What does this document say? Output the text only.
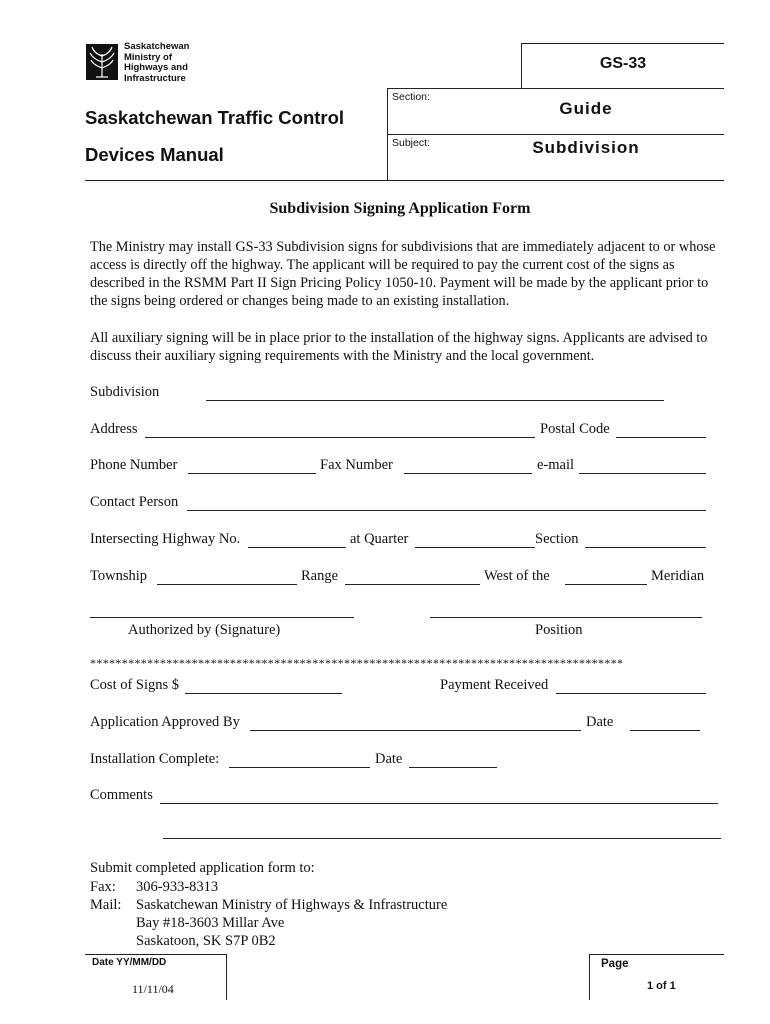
Saskatchewan
Ministry of
Highways and
Infrastructure
GS-33
Saskatchewan Traffic Control
Devices Manual
Section:
Guide
Subject:	Subdivision
Subdivision Signing Application Form
The Ministry may install GS-33 Subdivision signs for subdivisions that are immediately adjacent to or whose access is directly off the highway. The applicant will be required to pay the current cost of the signs as described in the RSMM Part II Sign Pricing Policy 1050-10. Payment will be made by the applicant prior to the signs being ordered or changes being made to an existing installation.
All auxiliary signing will be in place prior to the installation of the highway signs. Applicants are advised to discuss their auxiliary signing requirements with the Ministry and the local government.
Subdivision
Address	Postal Code
Phone Number	Fax Number	e-mail
Contact Person
Intersecting Highway No.	at Quarter	Section
Township	Range	West of the	Meridian
Authorized by (Signature)	Position
************************************************************************************
Cost of Signs $	Payment Received
Application Approved By	Date
Installation Complete:	Date
Comments
Submit completed application form to:
Fax: 306-933-8313
Mail: Saskatchewan Ministry of Highways & Infrastructure
Bay #18-3603 Millar Ave
Saskatoon, SK S7P 0B2
Date YY/MM/DD
11/11/04
Page
1 of 1
